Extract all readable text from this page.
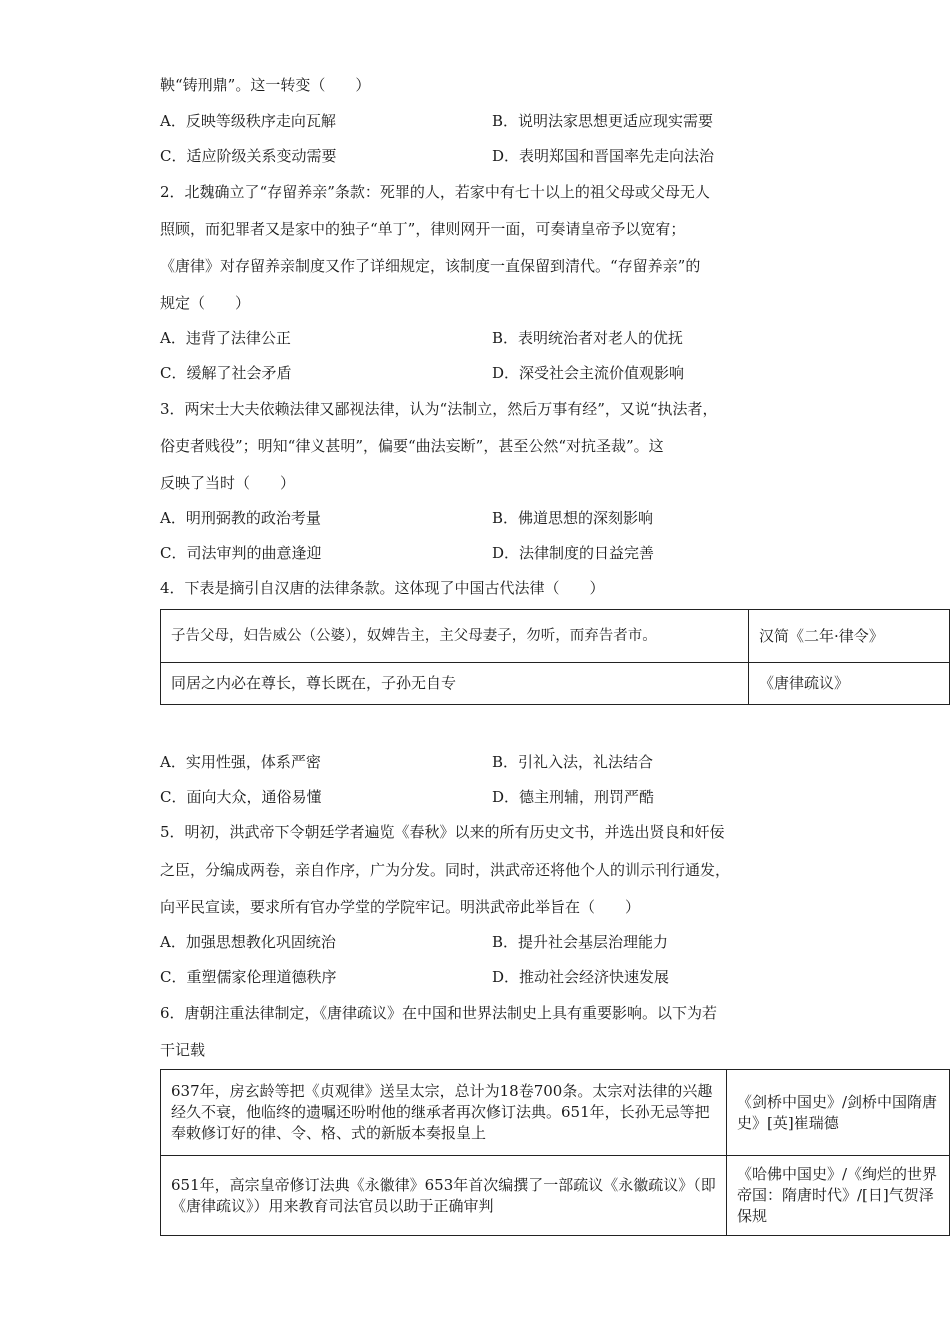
鞅“铸刑鼎”。这一转变（　　）
A．反映等级秩序走向瓦解	B．说明法家思想更适应现实需要
C．适应阶级关系变动需要	D．表明郑国和晋国率先走向法治
2．北魏确立了“存留养亲”条款：死罪的人，若家中有七十以上的祖父母或父母无人
照顾，而犯罪者又是家中的独子“单丁”，律则网开一面，可奏请皇帝予以宽宥；
《唐律》对存留养亲制度又作了详细规定，该制度一直保留到清代。“存留养亲”的
规定（　　）
A．违背了法律公正	B．表明统治者对老人的优抚
C．缓解了社会矛盾	D．深受社会主流价值观影响
3．两宋士大夫依赖法律又鄙视法律，认为“法制立，然后万事有经”，又说“执法者，
俗吏者贱役”；明知“律义甚明”，偏要“曲法妄断”，甚至公然“对抗圣裁”。这
反映了当时（　　）
A．明刑弼教的政治考量	B．佛道思想的深刻影响
C．司法审判的曲意逢迎	D．法律制度的日益完善
4．下表是摘引自汉唐的法律条款。这体现了中国古代法律（　　）
子告父母，妇告威公（公婆），奴婢告主，主父母妻子，勿听，而弃告者市。	汉简《二年·律令》
同居之内必在尊长，尊长既在，子孙无自专	《唐律疏议》
A．实用性强，体系严密	B．引礼入法，礼法结合
C．面向大众，通俗易懂	D．德主刑辅，刑罚严酷
5．明初，洪武帝下令朝廷学者遍览《春秋》以来的所有历史文书，并选出贤良和奸佞
之臣，分编成两卷，亲自作序，广为分发。同时，洪武帝还将他个人的训示刊行通发，
向平民宣读，要求所有官办学堂的学院牢记。明洪武帝此举旨在（　　）
A．加强思想教化巩固统治	B．提升社会基层治理能力
C．重塑儒家伦理道德秩序	D．推动社会经济快速发展
6．唐朝注重法律制定，《唐律疏议》在中国和世界法制史上具有重要影响。以下为若
干记载
637年，房玄龄等把《贞观律》送呈太宗，总计为18卷700条。太宗对法律的兴趣经久不衰，他临终的遗嘱还吩咐他的继承者再次修订法典。651年，长孙无忌等把奉敕修订好的律、令、格、式的新版本奏报皇上	《剑桥中国史》/剑桥中国隋唐史》[英]崔瑞德
651年，高宗皇帝修订法典《永徽律》653年首次编撰了一部疏议《永徽疏议》（即《唐律疏议》）用来教育司法官员以助于正确审判	《哈佛中国史》/《绚烂的世界帝国：隋唐时代》/[日]气贺泽保规
